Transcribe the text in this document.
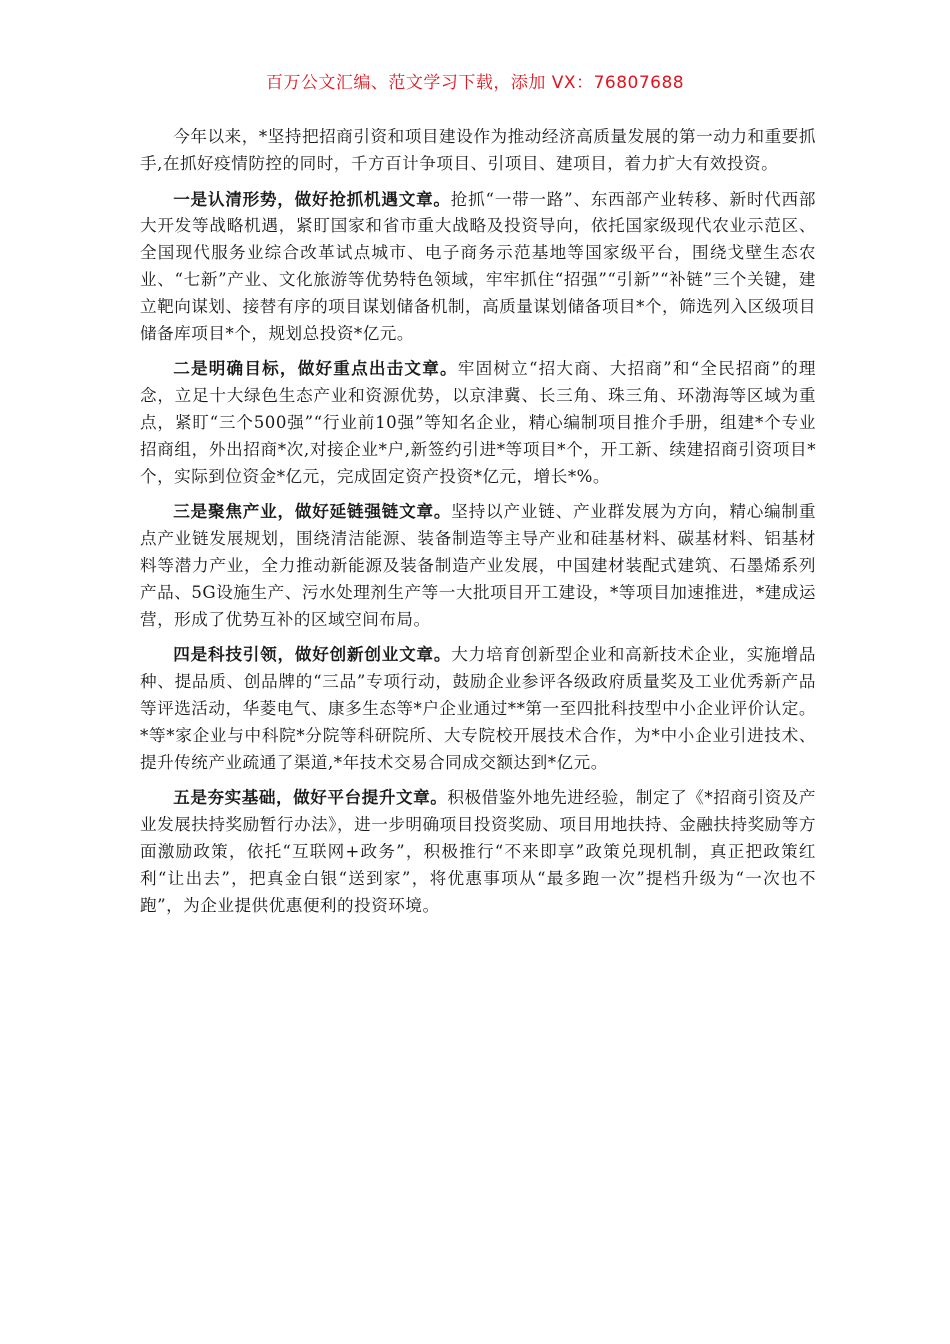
百万公文汇编、范文学习下载，添加 VX：76807688

今年以来，*坚持把招商引资和项目建设作为推动经济高质量发展的第一动力和重要抓手,在抓好疫情防控的同时，千方百计争项目、引项目、建项目，着力扩大有效投资。

一是认清形势，做好抢抓机遇文章。抢抓“一带一路”、东西部产业转移、新时代西部大开发等战略机遇，紧盯国家和省市重大战略及投资导向，依托国家级现代农业示范区、全国现代服务业综合改革试点城市、电子商务示范基地等国家级平台，围绕戈壁生态农业、“七新”产业、文化旅游等优势特色领域，牢牢抓住“招强”“引新”“补链”三个关键，建立靶向谋划、接替有序的项目谋划储备机制，高质量谋划储备项目*个，筛选列入区级项目储备库项目*个，规划总投资*亿元。

二是明确目标，做好重点出击文章。牢固树立“招大商、大招商”和“全民招商”的理念，立足十大绿色生态产业和资源优势，以京津冀、长三角、珠三角、环渤海等区域为重点，紧盯“三个500强”“行业前10强”等知名企业，精心编制项目推介手册，组建*个专业招商组，外出招商*次,对接企业*户,新签约引进*等项目*个，开工新、续建招商引资项目*个，实际到位资金*亿元，完成固定资产投资*亿元，增长*%。

三是聚焦产业，做好延链强链文章。坚持以产业链、产业群发展为方向，精心编制重点产业链发展规划，围绕清洁能源、装备制造等主导产业和硅基材料、碳基材料、铝基材料等潜力产业，全力推动新能源及装备制造产业发展，中国建材装配式建筑、石墨烯系列产品、5G设施生产、污水处理剂生产等一大批项目开工建设，*等项目加速推进，*建成运营，形成了优势互补的区域空间布局。

四是科技引领，做好创新创业文章。大力培育创新型企业和高新技术企业，实施增品种、提品质、创品牌的“三品”专项行动，鼓励企业参评各级政府质量奖及工业优秀新产品等评选活动，华菱电气、康多生态等*户企业通过**第一至四批科技型中小企业评价认定。*等*家企业与中科院*分院等科研院所、大专院校开展技术合作，为*中小企业引进技术、提升传统产业疏通了渠道,*年技术交易合同成交额达到*亿元。

五是夯实基础，做好平台提升文章。积极借鉴外地先进经验，制定了《*招商引资及产业发展扶持奖励暂行办法》，进一步明确项目投资奖励、项目用地扶持、金融扶持奖励等方面激励政策，依托“互联网+政务”，积极推行“不来即享”政策兑现机制，真正把政策红利“让出去”，把真金白银“送到家”，将优惠事项从“最多跑一次”提档升级为“一次也不跑”，为企业提供优惠便利的投资环境。
